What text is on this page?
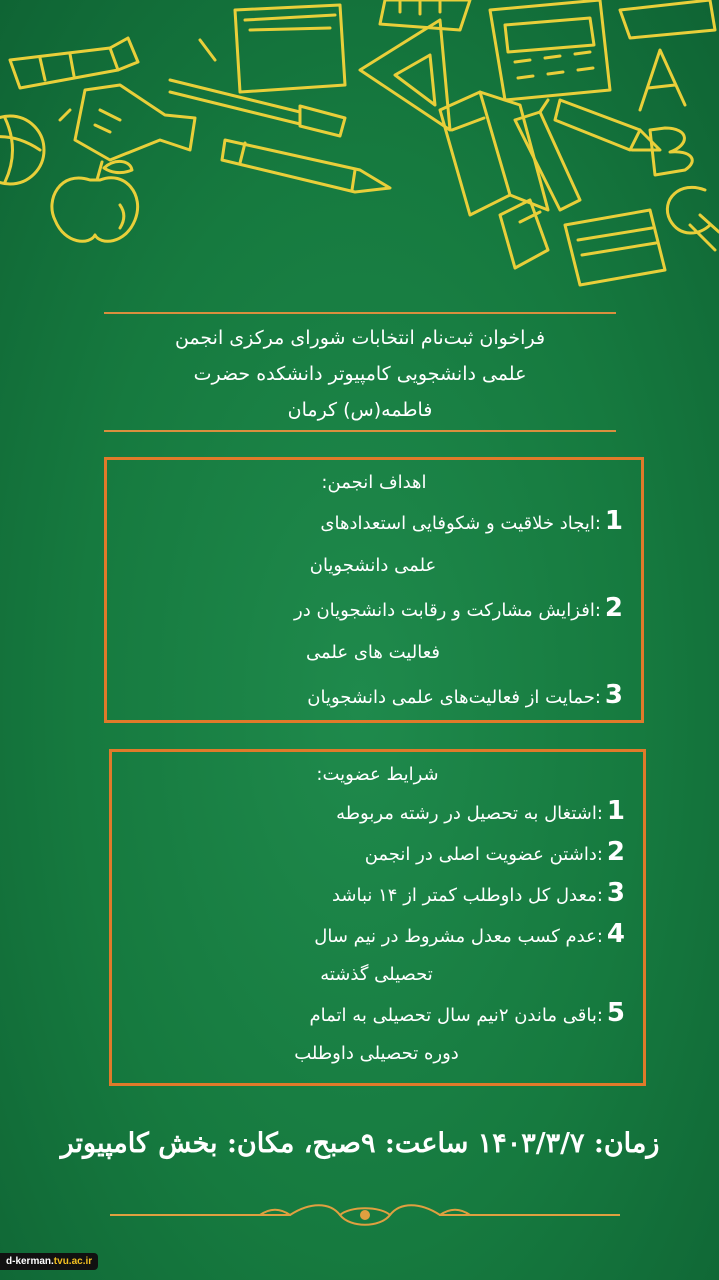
فراخوان ثبت‌نام انتخابات شورای مرکزی انجمن
علمی دانشجویی کامپیوتر دانشکده حضرت
فاطمه(س) کرمان
اهداف انجمن:
1:ایجاد خلاقیت و شکوفایی استعدادهای
علمی دانشجویان
2:افزایش مشارکت و رقابت دانشجویان در
فعالیت های علمی
3:حمایت از فعالیت‌های علمی دانشجویان
شرایط عضویت:
1:اشتغال به تحصیل در رشته مربوطه
2:داشتن عضویت اصلی در انجمن
3:معدل کل داوطلب کمتر از ۱۴ نباشد
4:عدم کسب معدل مشروط در نیم سال
تحصیلی گذشته
5:باقی ماندن ۲نیم سال تحصیلی به اتمام
دوره تحصیلی داوطلب
زمان: ۱۴۰۳/۳/۷ ساعت: ۹صبح، مکان: بخش کامپیوتر
d-kerman.tvu.ac.ir
